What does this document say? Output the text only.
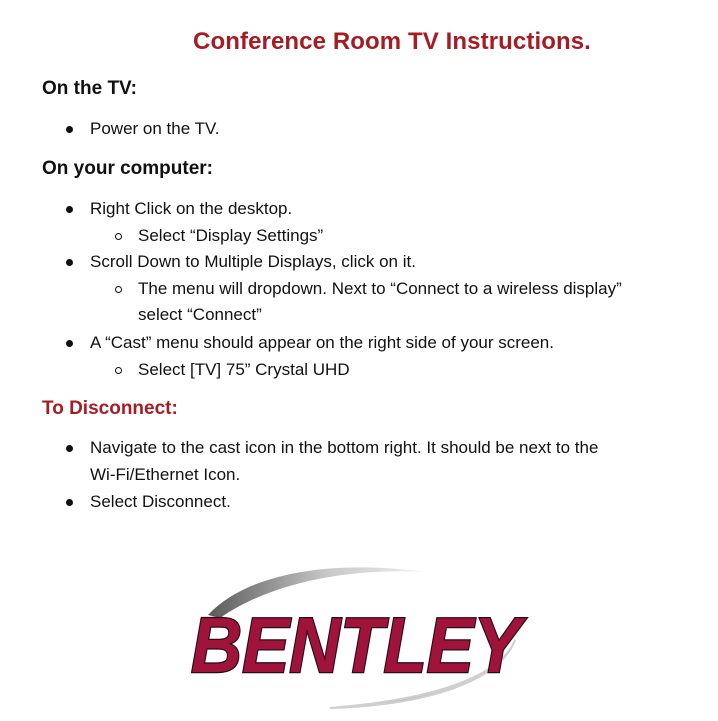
Conference Room TV Instructions.
On the TV:
Power on the TV.
On your computer:
Right Click on the desktop.
Select “Display Settings”
Scroll Down to Multiple Displays, click on it.
The menu will dropdown. Next to “Connect to a wireless display”
select “Connect”
A “Cast” menu should appear on the right side of your screen.
Select [TV] 75” Crystal UHD
To Disconnect:
Navigate to the cast icon in the bottom right. It should be next to the
Wi-Fi/Ethernet Icon.
Select Disconnect.
BENTLEY
